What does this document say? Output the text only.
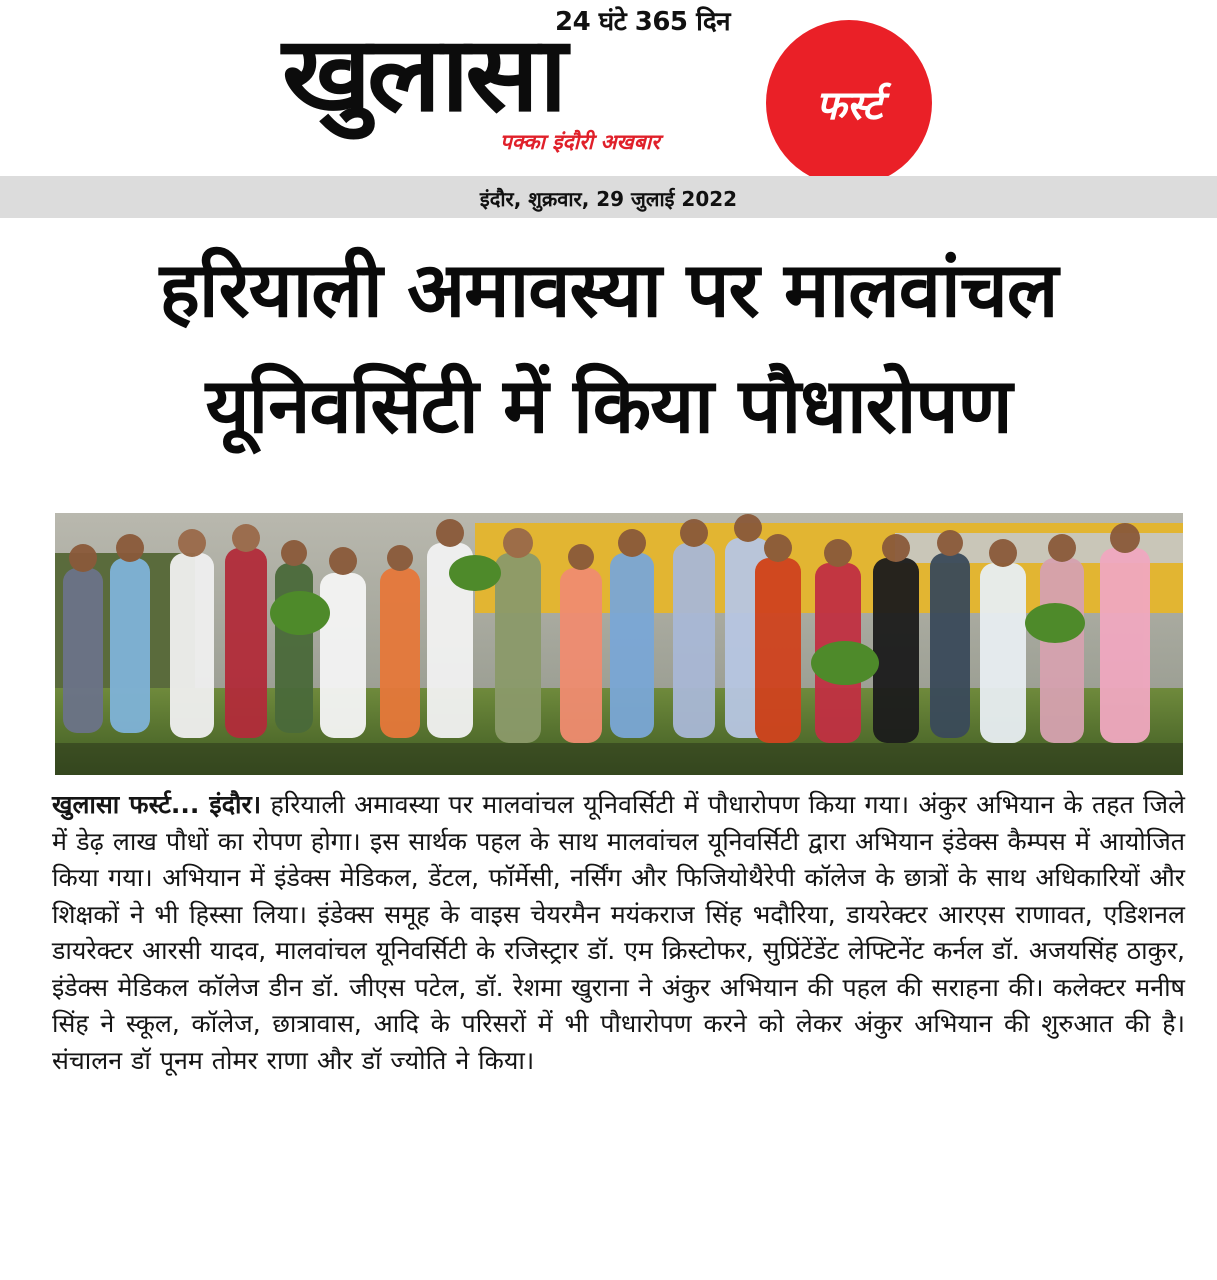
24 घंटे 365 दिन
खुलासा
पक्का इंदौरी अखबार
फर्स्ट
इंदौर, शुक्रवार, 29 जुलाई 2022
हरियाली अमावस्या पर मालवांचल
यूनिवर्सिटी में किया पौधारोपण
खुलासा फर्स्ट... इंदौर। हरियाली अमावस्या पर मालवांचल यूनिवर्सिटी में पौधारोपण किया गया। अंकुर अभियान के तहत जिले में डेढ़ लाख पौधों का रोपण होगा। इस सार्थक पहल के साथ मालवांचल यूनिवर्सिटी द्वारा अभियान इंडेक्स कैम्पस में आयोजित किया गया। अभियान में इंडेक्स मेडिकल, डेंटल, फॉर्मेसी, नर्सिंग और फिजियोथैरेपी कॉलेज के छात्रों के साथ अधिकारियों और शिक्षकों ने भी हिस्सा लिया। इंडेक्स समूह के वाइस चेयरमैन मयंकराज सिंह भदौरिया, डायरेक्टर आरएस राणावत, एडिशनल डायरेक्टर आरसी यादव, मालवांचल यूनिवर्सिटी के रजिस्ट्रार डॉ. एम क्रिस्टोफर, सुप्रिंटेंडेंट लेफ्टिनेंट कर्नल डॉ. अजयसिंह ठाकुर, इंडेक्स मेडिकल कॉलेज डीन डॉ. जीएस पटेल, डॉ. रेशमा खुराना ने अंकुर अभियान की पहल की सराहना की। कलेक्टर मनीष सिंह ने स्कूल, कॉलेज, छात्रावास, आदि के परिसरों में भी पौधारोपण करने को लेकर अंकुर अभियान की शुरुआत की है। संचालन डॉ पूनम तोमर राणा और डॉ ज्योति ने किया।
